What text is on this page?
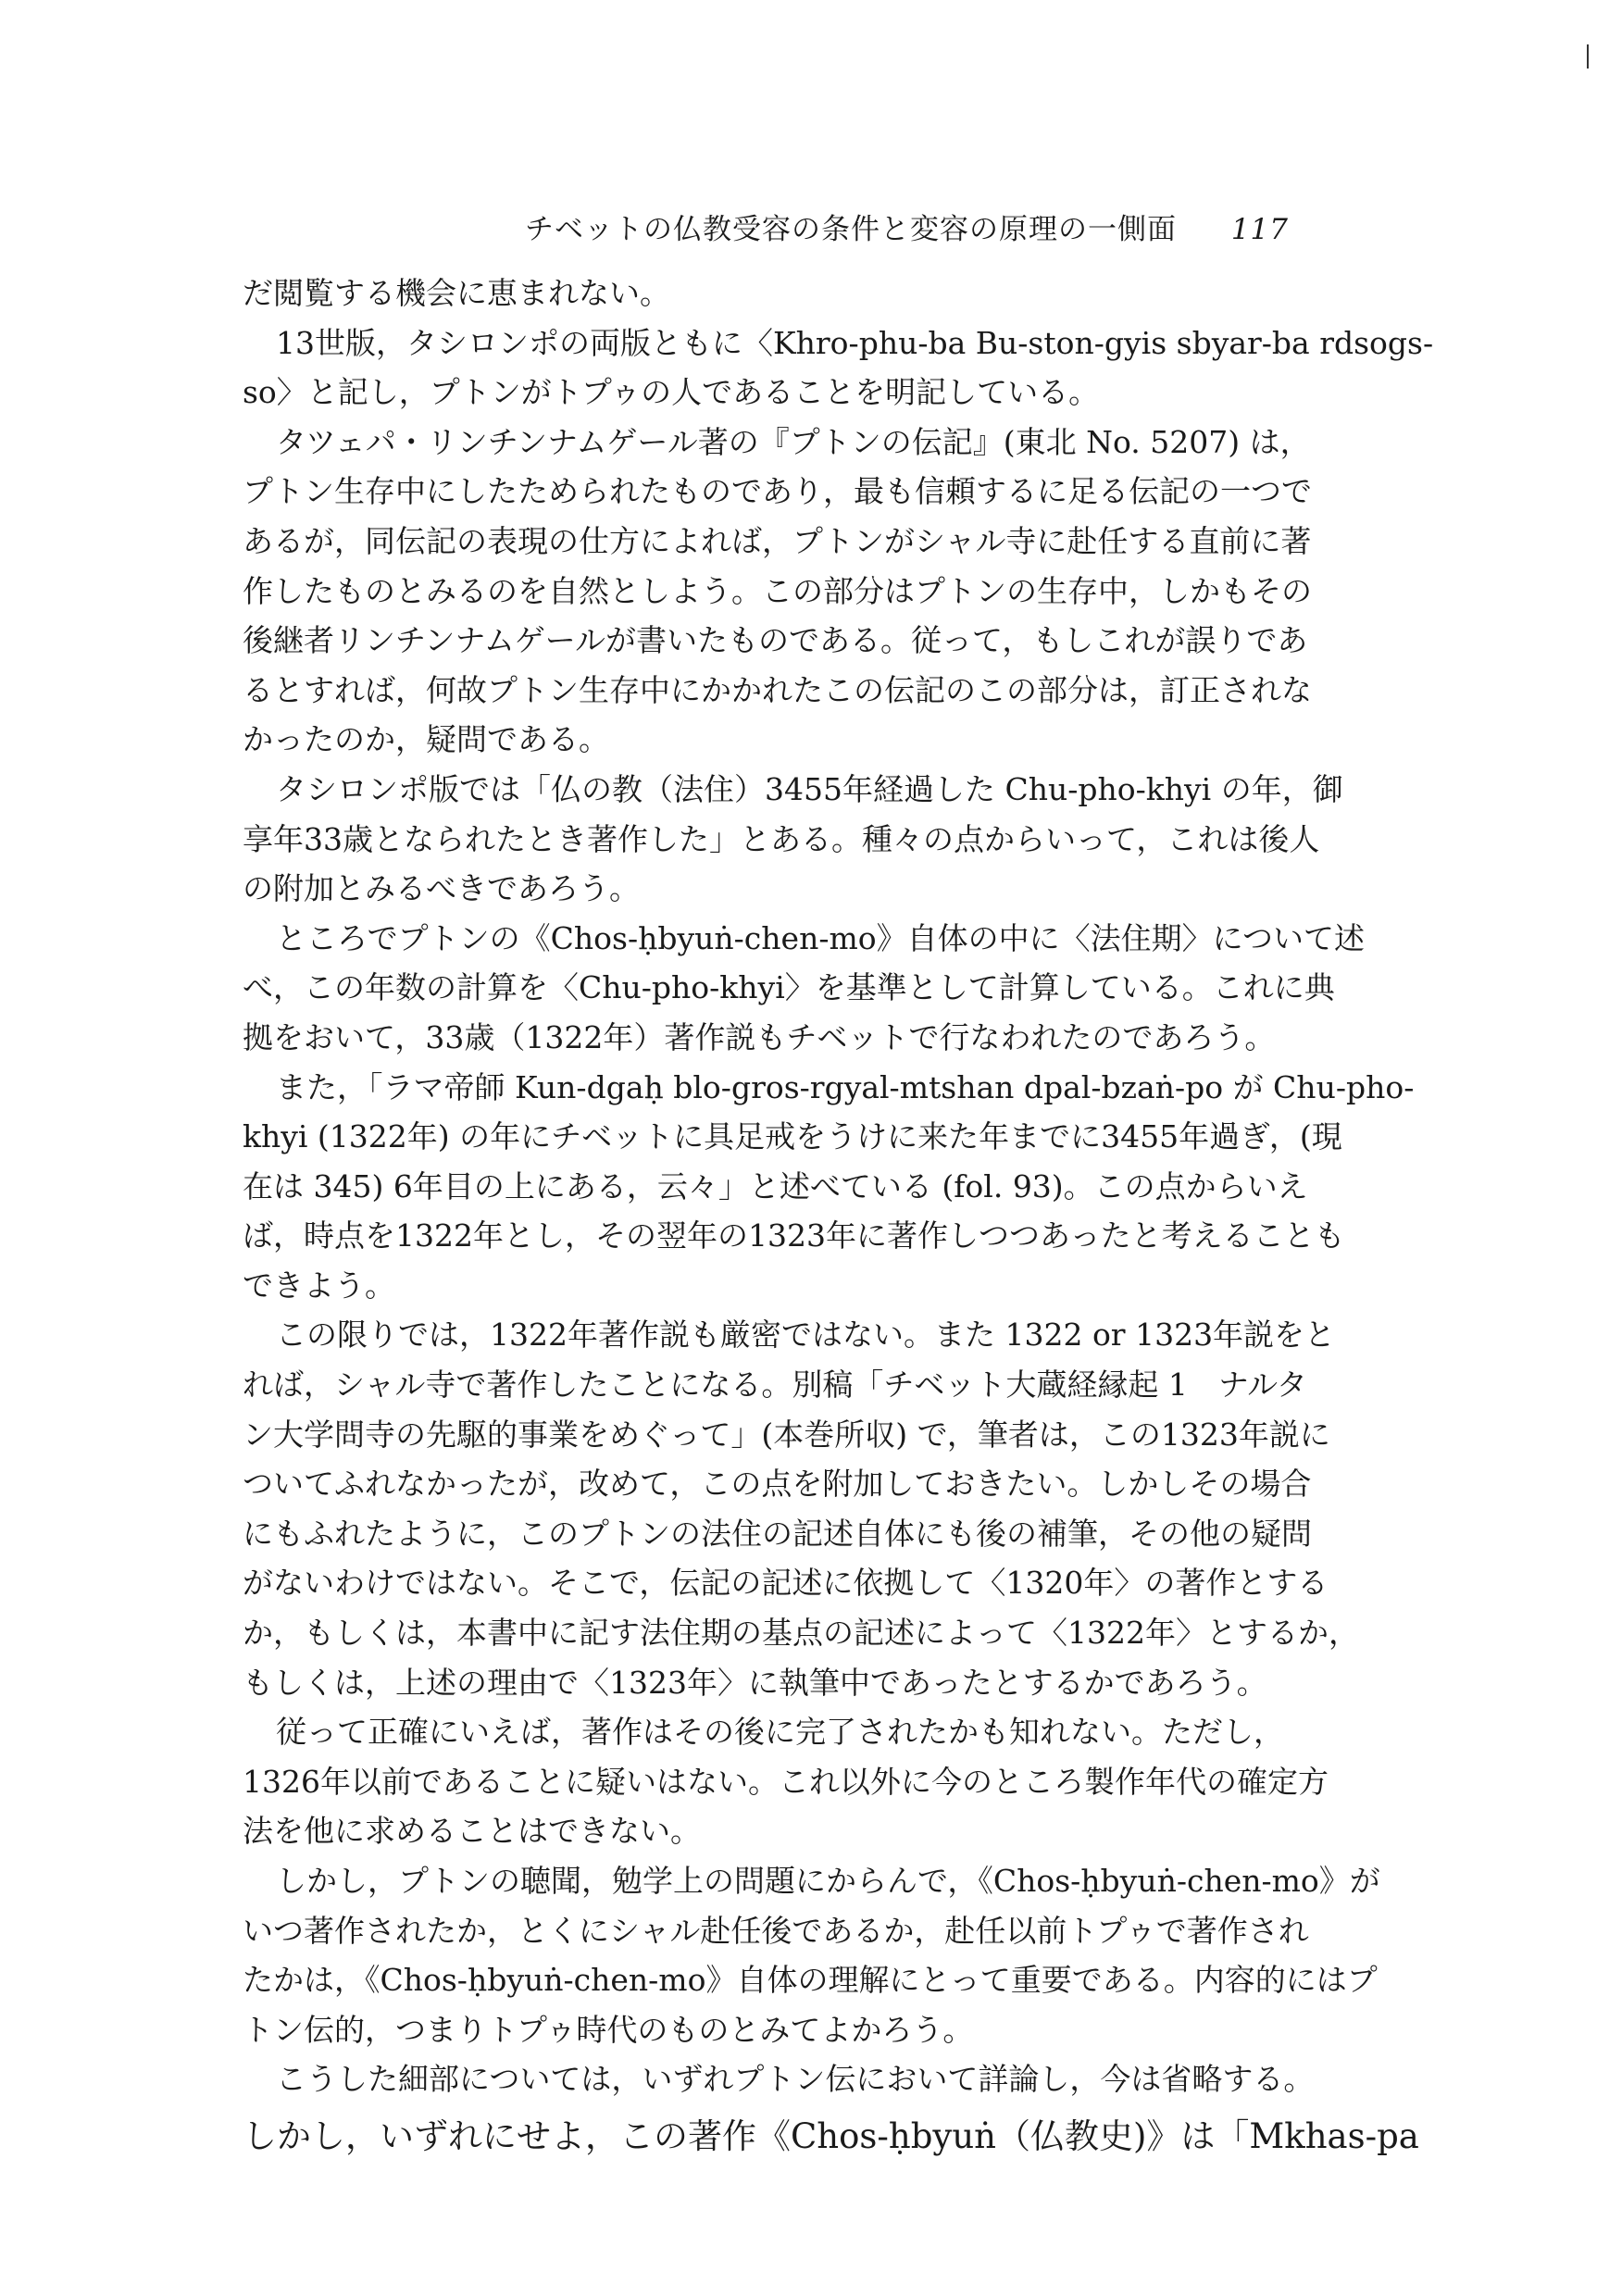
チベットの仏教受容の条件と変容の原理の一側面 117
だ閲覧する機会に恵まれない。
13世版，タシロンポの両版ともに〈Khro-phu-ba Bu-ston-gyis sbyar-ba rdsogs-
so〉と記し，プトンがトプゥの人であることを明記している。
タツェパ・リンチンナムゲール著の『プトンの伝記』(東北 No. 5207) は，
プトン生存中にしたためられたものであり，最も信頼するに足る伝記の一つで
あるが，同伝記の表現の仕方によれば，プトンがシャル寺に赴任する直前に著
作したものとみるのを自然としよう。この部分はプトンの生存中，しかもその
後継者リンチンナムゲールが書いたものである。従って，もしこれが誤りであ
るとすれば，何故プトン生存中にかかれたこの伝記のこの部分は，訂正されな
かったのか，疑問である。
タシロンポ版では「仏の教（法住）3455年経過した Chu-pho-khyi の年，御
享年33歳となられたとき著作した」とある。種々の点からいって，これは後人
の附加とみるべきであろう。
ところでプトンの《Chos-ḥbyuṅ-chen-mo》自体の中に〈法住期〉について述
べ，この年数の計算を〈Chu-pho-khyi〉を基準として計算している。これに典
拠をおいて，33歳（1322年）著作説もチベットで行なわれたのであろう。
また，「ラマ帝師 Kun-dgaḥ blo-gros-rgyal-mtshan dpal-bzaṅ-po が Chu-pho-
khyi (1322年) の年にチベットに具足戒をうけに来た年までに3455年過ぎ，(現
在は 345) 6年目の上にある，云々」と述べている (fol. 93)。この点からいえ
ば，時点を1322年とし，その翌年の1323年に著作しつつあったと考えることも
できよう。
この限りでは，1322年著作説も厳密ではない。また 1322 or 1323年説をと
れば，シャル寺で著作したことになる。別稿「チベット大蔵経縁起 1　ナルタ
ン大学問寺の先駆的事業をめぐって」(本巻所収) で，筆者は，この1323年説に
ついてふれなかったが，改めて，この点を附加しておきたい。しかしその場合
にもふれたように，このプトンの法住の記述自体にも後の補筆，その他の疑問
がないわけではない。そこで，伝記の記述に依拠して〈1320年〉の著作とする
か，もしくは，本書中に記す法住期の基点の記述によって〈1322年〉とするか，
もしくは，上述の理由で〈1323年〉に執筆中であったとするかであろう。
従って正確にいえば，著作はその後に完了されたかも知れない。ただし，
1326年以前であることに疑いはない。これ以外に今のところ製作年代の確定方
法を他に求めることはできない。
しかし，プトンの聴聞，勉学上の問題にからんで，《Chos-ḥbyuṅ-chen-mo》が
いつ著作されたか，とくにシャル赴任後であるか，赴任以前トプゥで著作され
たかは，《Chos-ḥbyuṅ-chen-mo》自体の理解にとって重要である。内容的にはプ
トン伝的，つまりトプゥ時代のものとみてよかろう。
こうした細部については，いずれプトン伝において詳論し，今は省略する。
しかし，いずれにせよ，この著作《Chos-ḥbyuṅ（仏教史)》は「Mkhas-pa
